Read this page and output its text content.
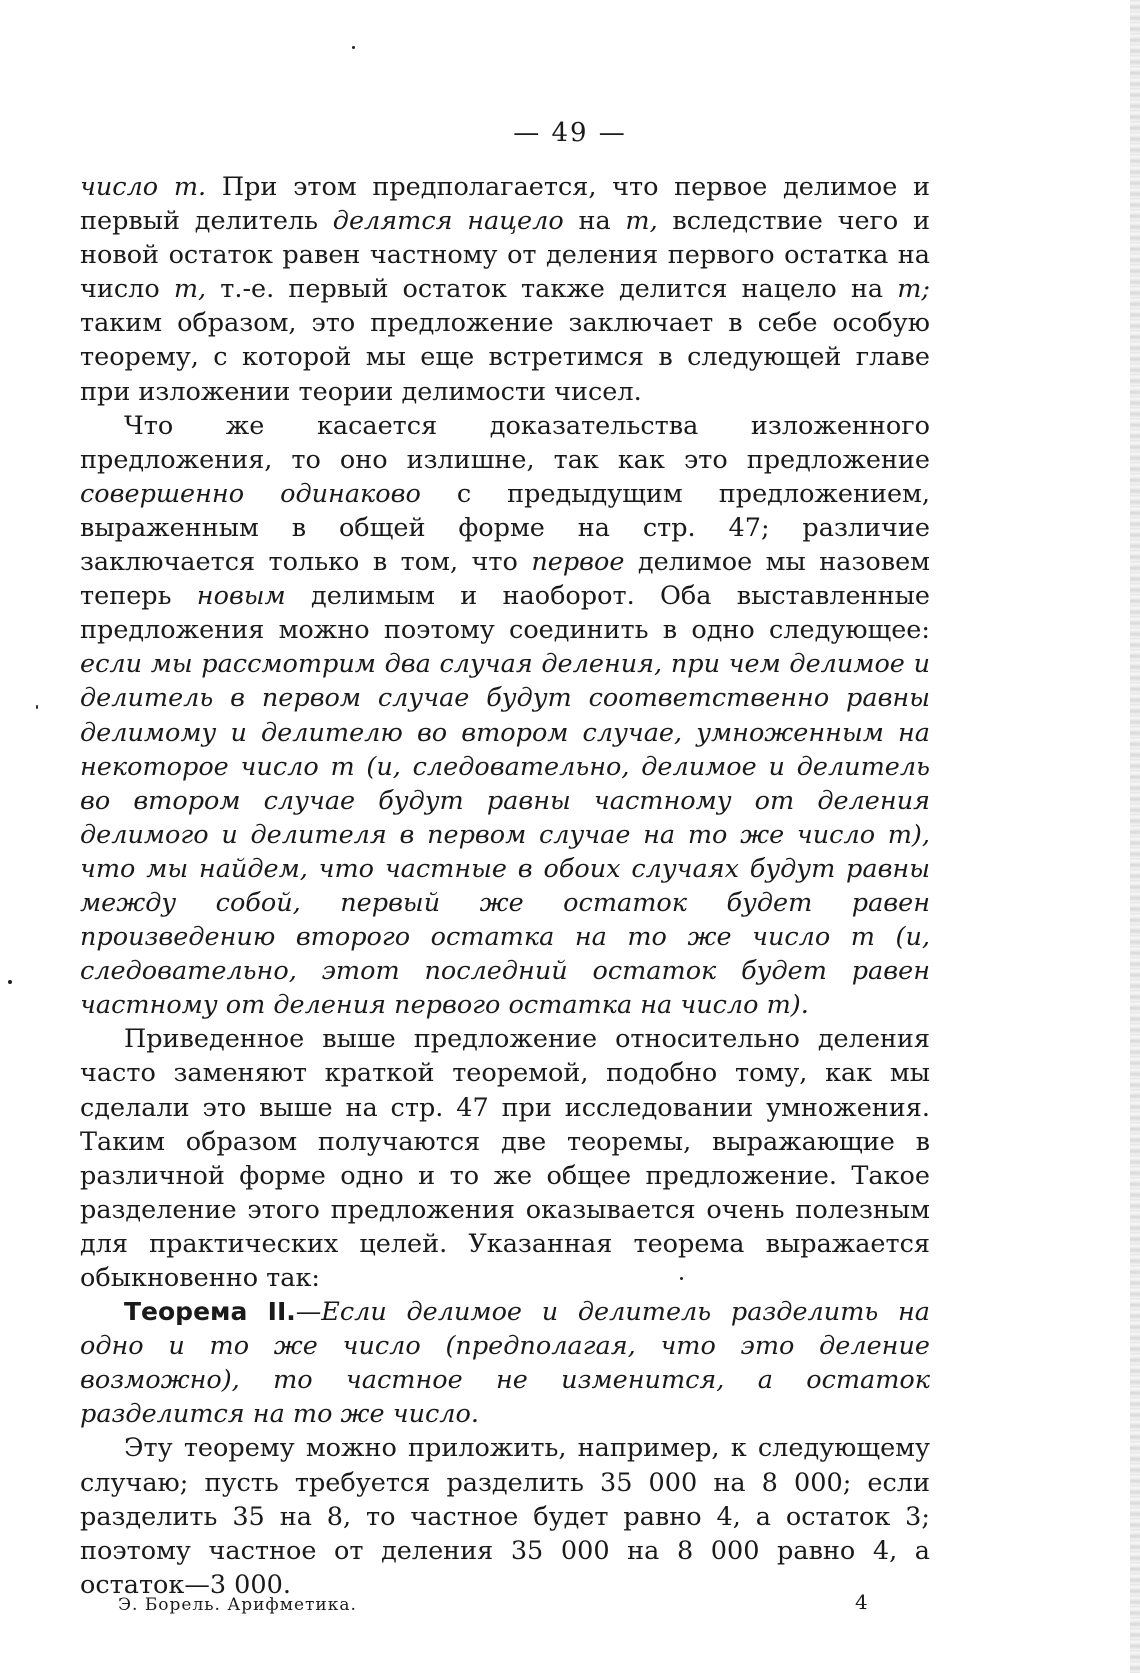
— 49 —

число m. При этом предполагается, что первое делимое и первый делитель делятся нацело на m, вследствие чего и новой остаток равен частному от деления первого остатка на число m, т.-е. первый остаток также делится нацело на m; таким образом, это предложение заключает в себе особую теорему, с которой мы еще встретимся в следующей главе при изложении теории делимости чисел.

Что же касается доказательства изложенного предложения, то оно излишне, так как это предложение совершенно одинаково с предыдущим предложением, выраженным в общей форме на стр. 47; различие заключается только в том, что первое делимое мы назовем теперь новым делимым и наоборот. Оба выставленные предложения можно поэтому соединить в одно следующее: если мы рассмотрим два случая деления, при чем делимое и делитель в первом случае будут соответственно равны делимому и делителю во втором случае, умноженным на некоторое число m (и, следовательно, делимое и делитель во втором случае будут равны частному от деления делимого и делителя в первом случае на то же число m), что мы найдем, что частные в обоих случаях будут равны между собой, первый же остаток будет равен произведению второго остатка на то же число m (и, следовательно, этот последний остаток будет равен частному от деления первого остатка на число m).

Приведенное выше предложение относительно деления часто заменяют краткой теоремой, подобно тому, как мы сделали это выше на стр. 47 при исследовании умножения. Таким образом получаются две теоремы, выражающие в различной форме одно и то же общее предложение. Такое разделение этого предложения оказывается очень полезным для практических целей. Указанная теорема выражается обыкновенно так:

Теорема II.—Если делимое и делитель разделить на одно и то же число (предполагая, что это деление возможно), то частное не изменится, а остаток разделится на то же число.

Эту теорему можно приложить, например, к следующему случаю; пусть требуется разделить 35 000 на 8 000; если разделить 35 на 8, то частное будет равно 4, а остаток 3; поэтому частное от деления 35 000 на 8 000 равно 4, а остаток—3 000.

Э. Борель. Арифметика.	4
